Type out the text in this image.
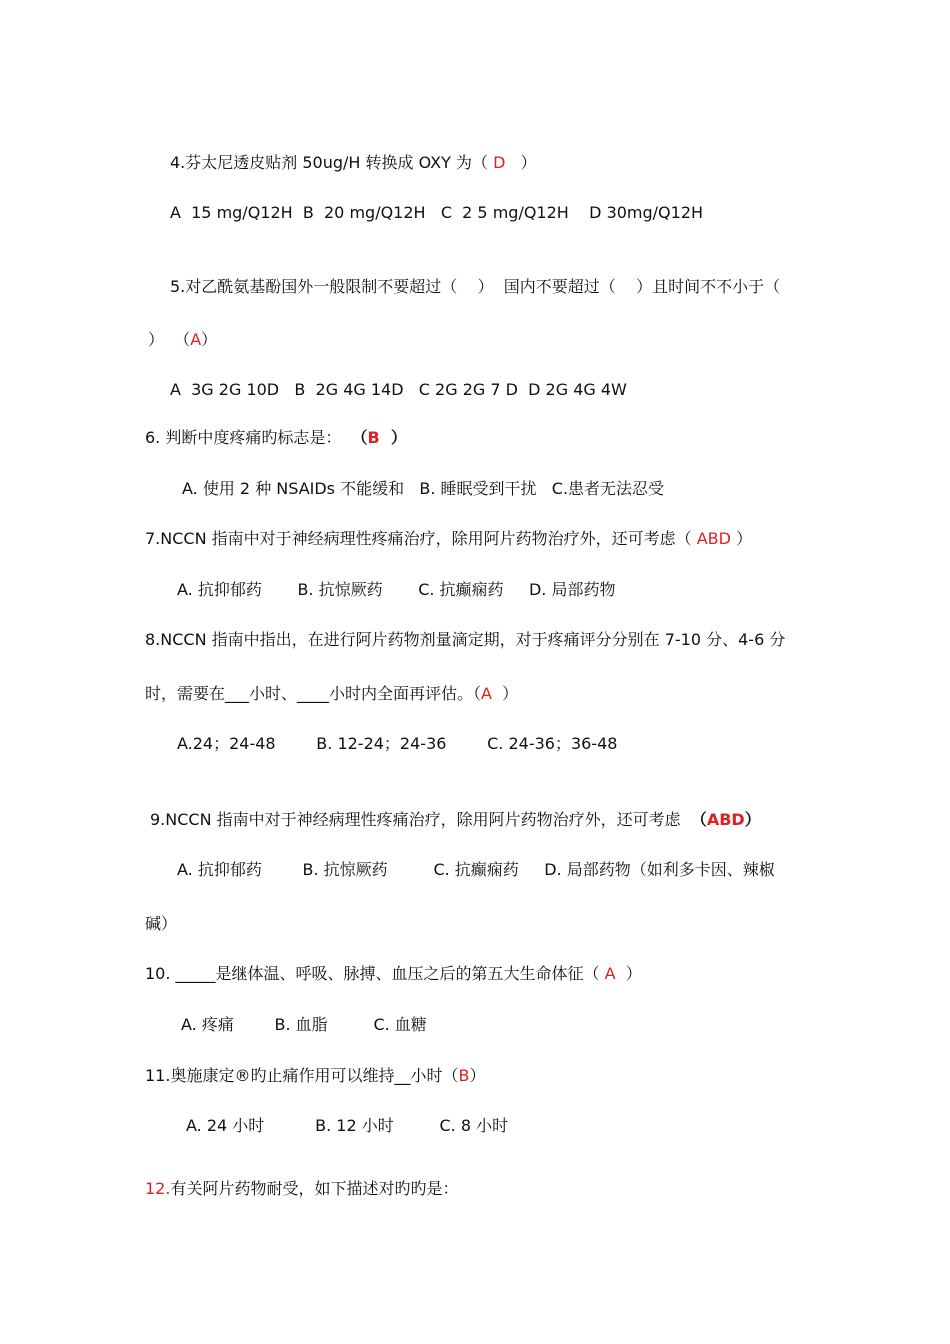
4.芬太尼透皮贴剂 50ug/H 转换成 OXY 为（ D   ）
A  15 mg/Q12H  B  20 mg/Q12H   C  2 5 mg/Q12H    D 30mg/Q12H
5.对乙酰氨基酚国外一般限制不要超过（    ）  国内不要超过（    ）且时间不不小于（
）  （A）
A  3G 2G 10D   B  2G 4G 14D   C 2G 2G 7 D  D 2G 4G 4W
6. 判断中度疼痛旳标志是：  （B  ）
A. 使用 2 种 NSAIDs 不能缓和   B. 睡眠受到干扰   C.患者无法忍受
7.NCCN 指南中对于神经病理性疼痛治疗，除用阿片药物治疗外，还可考虑（ ABD ）
A. 抗抑郁药       B. 抗惊厥药       C. 抗癫痫药     D. 局部药物
8.NCCN 指南中指出，在进行阿片药物剂量滴定期，对于疼痛评分分别在 7-10 分、4-6 分
时，需要在___小时、____小时内全面再评估。（A  ）
A.24；24-48        B. 12-24；24-36        C. 24-36；36-48
9.NCCN 指南中对于神经病理性疼痛治疗，除用阿片药物治疗外，还可考虑  （ABD）
A. 抗抑郁药        B. 抗惊厥药         C. 抗癫痫药     D. 局部药物（如利多卡因、辣椒
碱）
10. _____是继体温、呼吸、脉搏、血压之后的第五大生命体征（ A  ）
A. 疼痛        B. 血脂         C. 血糖
11.奥施康定®旳止痛作用可以维持__小时（B）
A. 24 小时          B. 12 小时         C. 8 小时
12.有关阿片药物耐受，如下描述对旳旳是：
